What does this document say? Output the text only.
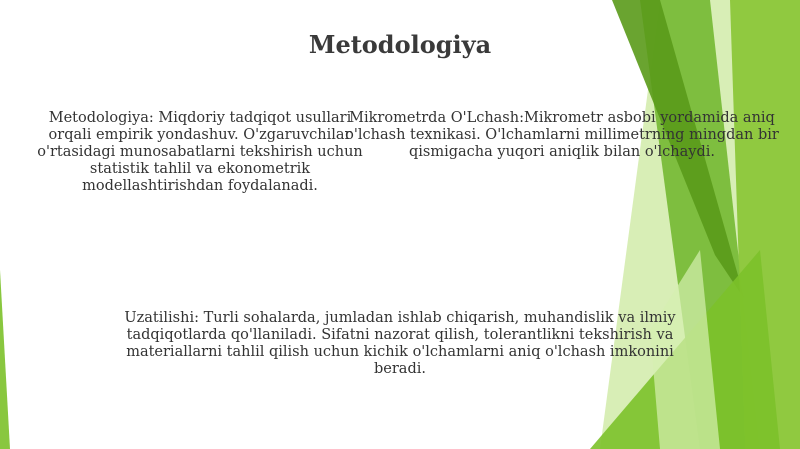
Metodologiya
Metodologiya: Miqdoriy tadqiqot usullari orqali empirik yondashuv. O'zgaruvchilar o'rtasidagi munosabatlarni tekshirish uchun statistik tahlil va ekonometrik modellashtirishdan foydalanadi.
Mikrometrda O'Lchash:Mikrometr asbobi yordamida aniq o'lchash texnikasi. O'lchamlarni millimetrning mingdan bir qismigacha yuqori aniqlik bilan o'lchaydi.
Uzatilishi: Turli sohalarda, jumladan ishlab chiqarish, muhandislik va ilmiy tadqiqotlarda qo'llaniladi. Sifatni nazorat qilish, tolerantlikni tekshirish va materiallarni tahlil qilish uchun kichik o'lchamlarni aniq o'lchash imkonini beradi.
